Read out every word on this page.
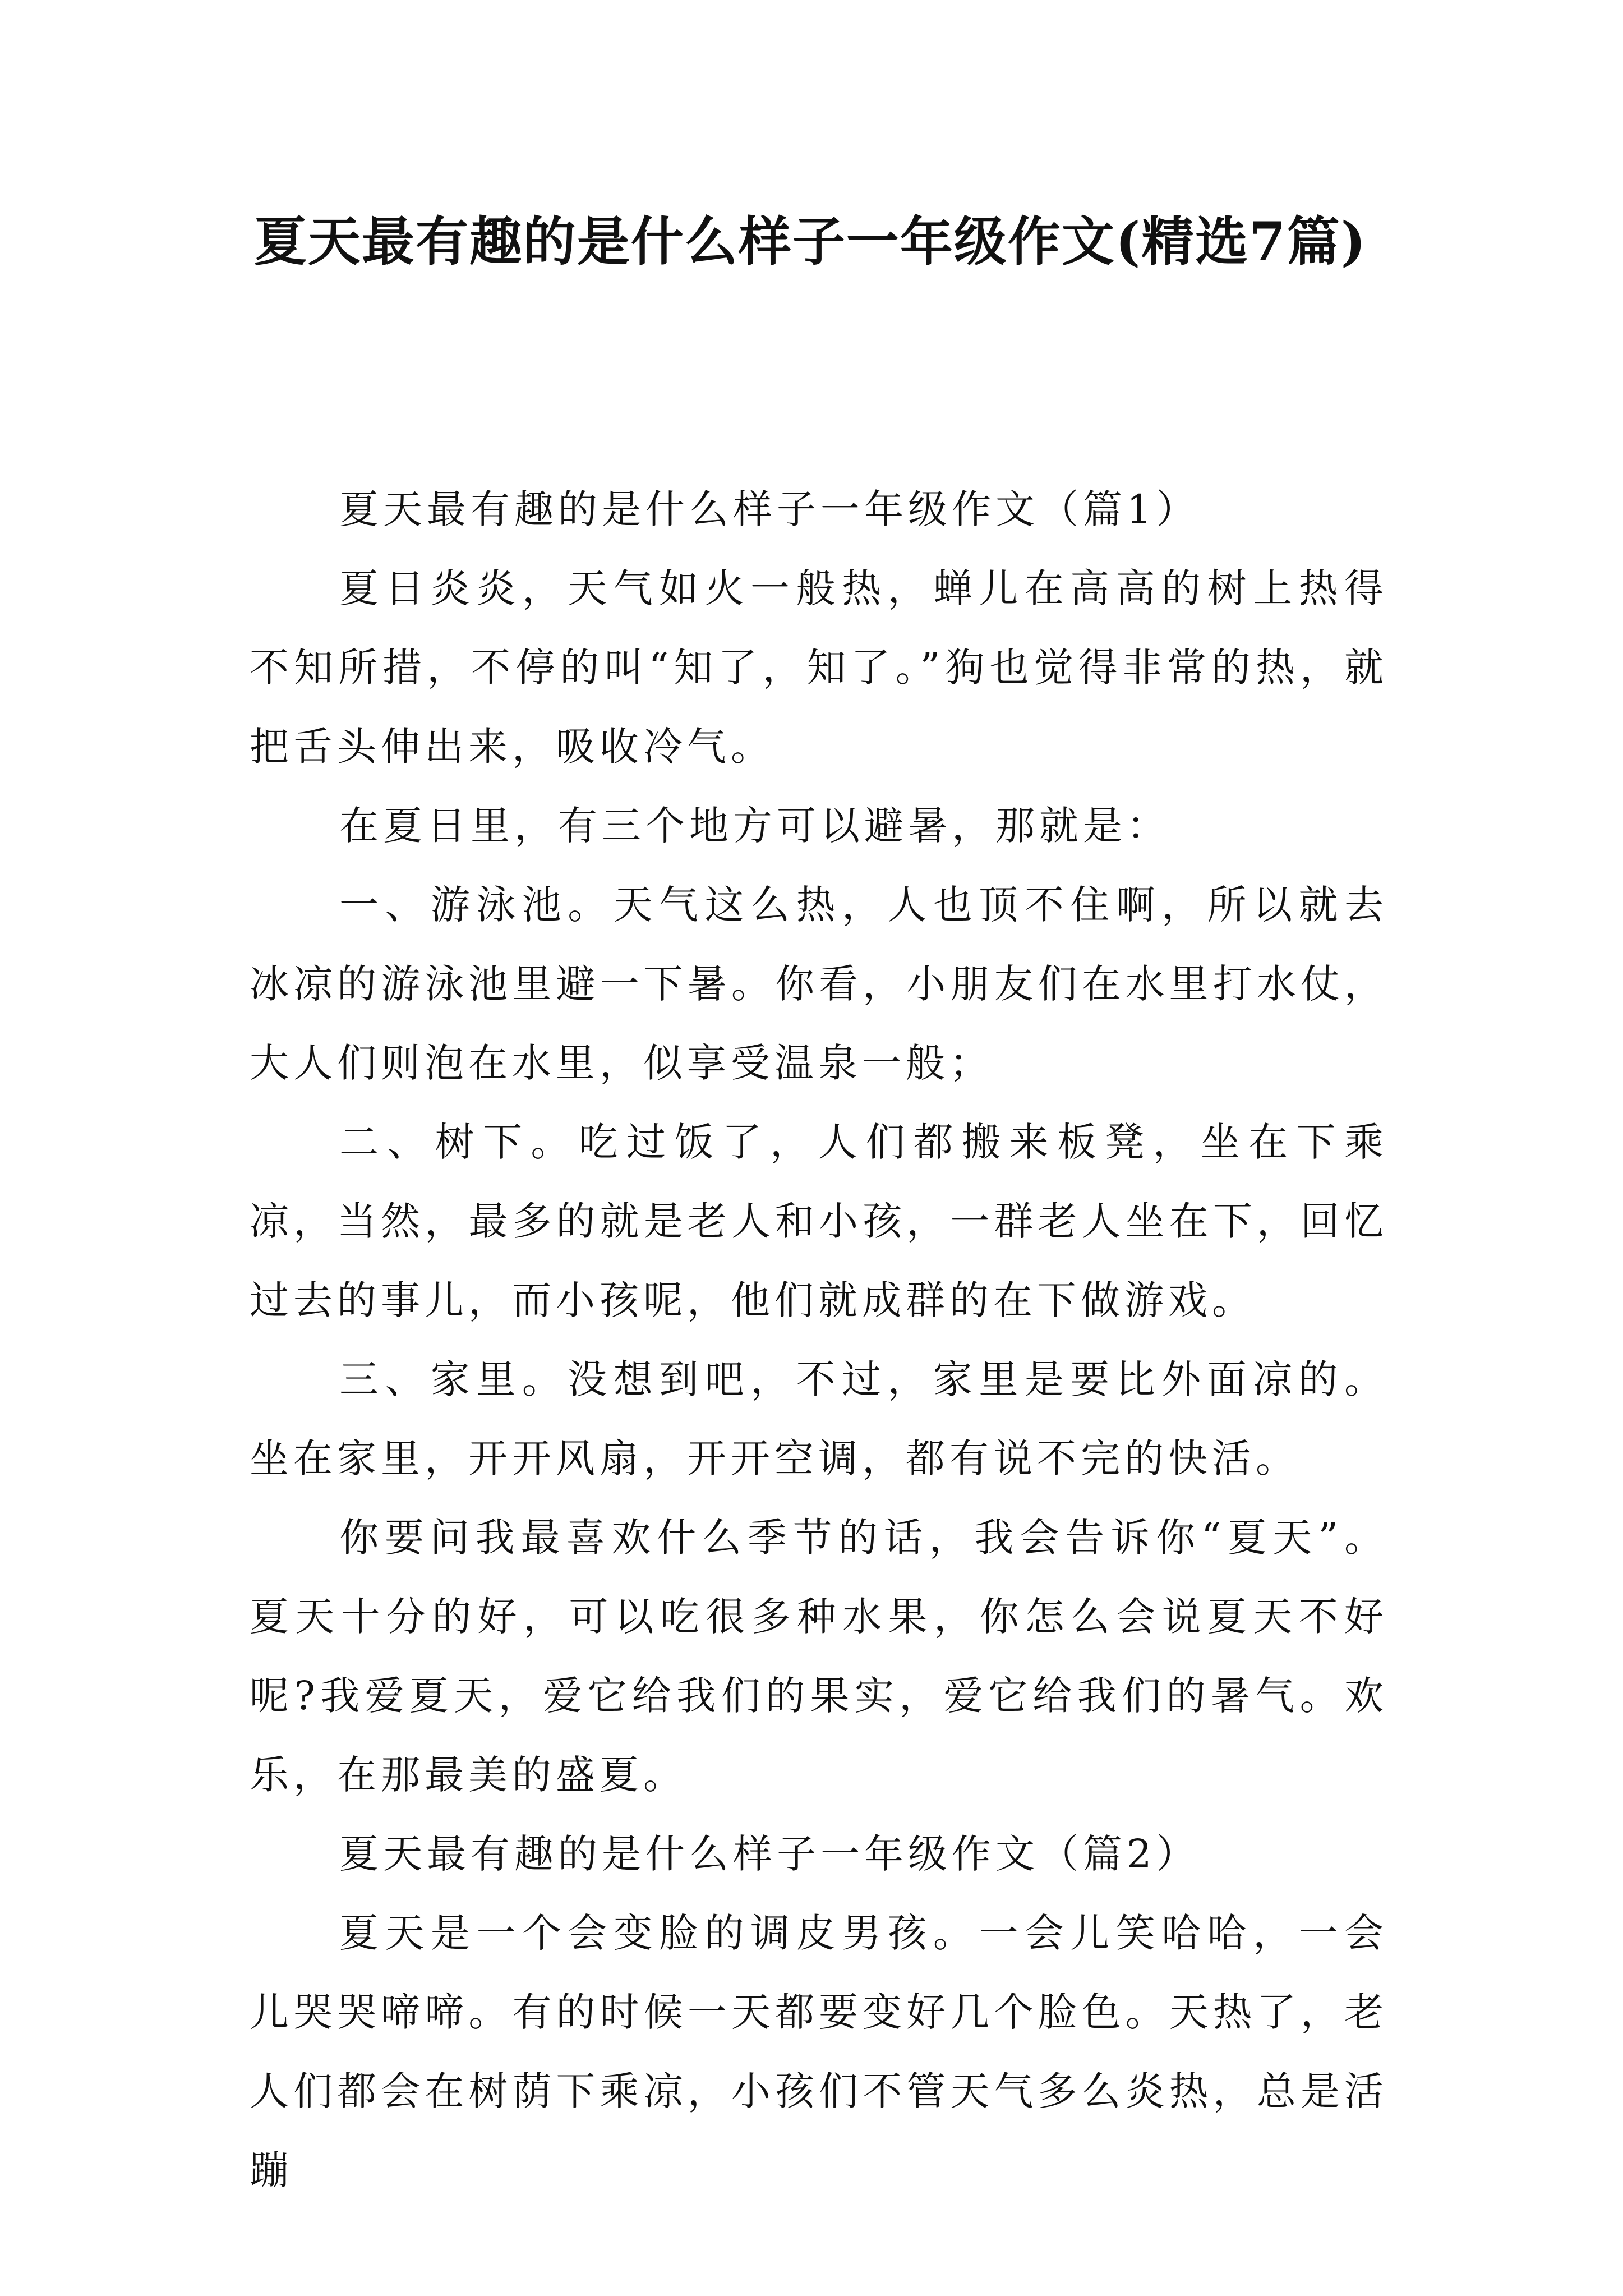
夏天最有趣的是什么样子一年级作文(精选7篇)

夏天最有趣的是什么样子一年级作文（篇1）

夏日炎炎，天气如火一般热，蝉儿在高高的树上热得不知所措，不停的叫“知了，知了。”狗也觉得非常的热，就把舌头伸出来，吸收冷气。

在夏日里，有三个地方可以避暑，那就是：

一、游泳池。天气这么热，人也顶不住啊，所以就去冰凉的游泳池里避一下暑。你看，小朋友们在水里打水仗，大人们则泡在水里，似享受温泉一般；

二、树下。吃过饭了，人们都搬来板凳，坐在下乘凉，当然，最多的就是老人和小孩，一群老人坐在下，回忆过去的事儿，而小孩呢，他们就成群的在下做游戏。

三、家里。没想到吧，不过，家里是要比外面凉的。坐在家里，开开风扇，开开空调，都有说不完的快活。

你要问我最喜欢什么季节的话，我会告诉你“夏天”。夏天十分的好，可以吃很多种水果，你怎么会说夏天不好呢?我爱夏天，爱它给我们的果实，爱它给我们的暑气。欢乐，在那最美的盛夏。

夏天最有趣的是什么样子一年级作文（篇2）

夏天是一个会变脸的调皮男孩。一会儿笑哈哈，一会儿哭哭啼啼。有的时候一天都要变好几个脸色。天热了，老人们都会在树荫下乘凉，小孩们不管天气多么炎热，总是活蹦
